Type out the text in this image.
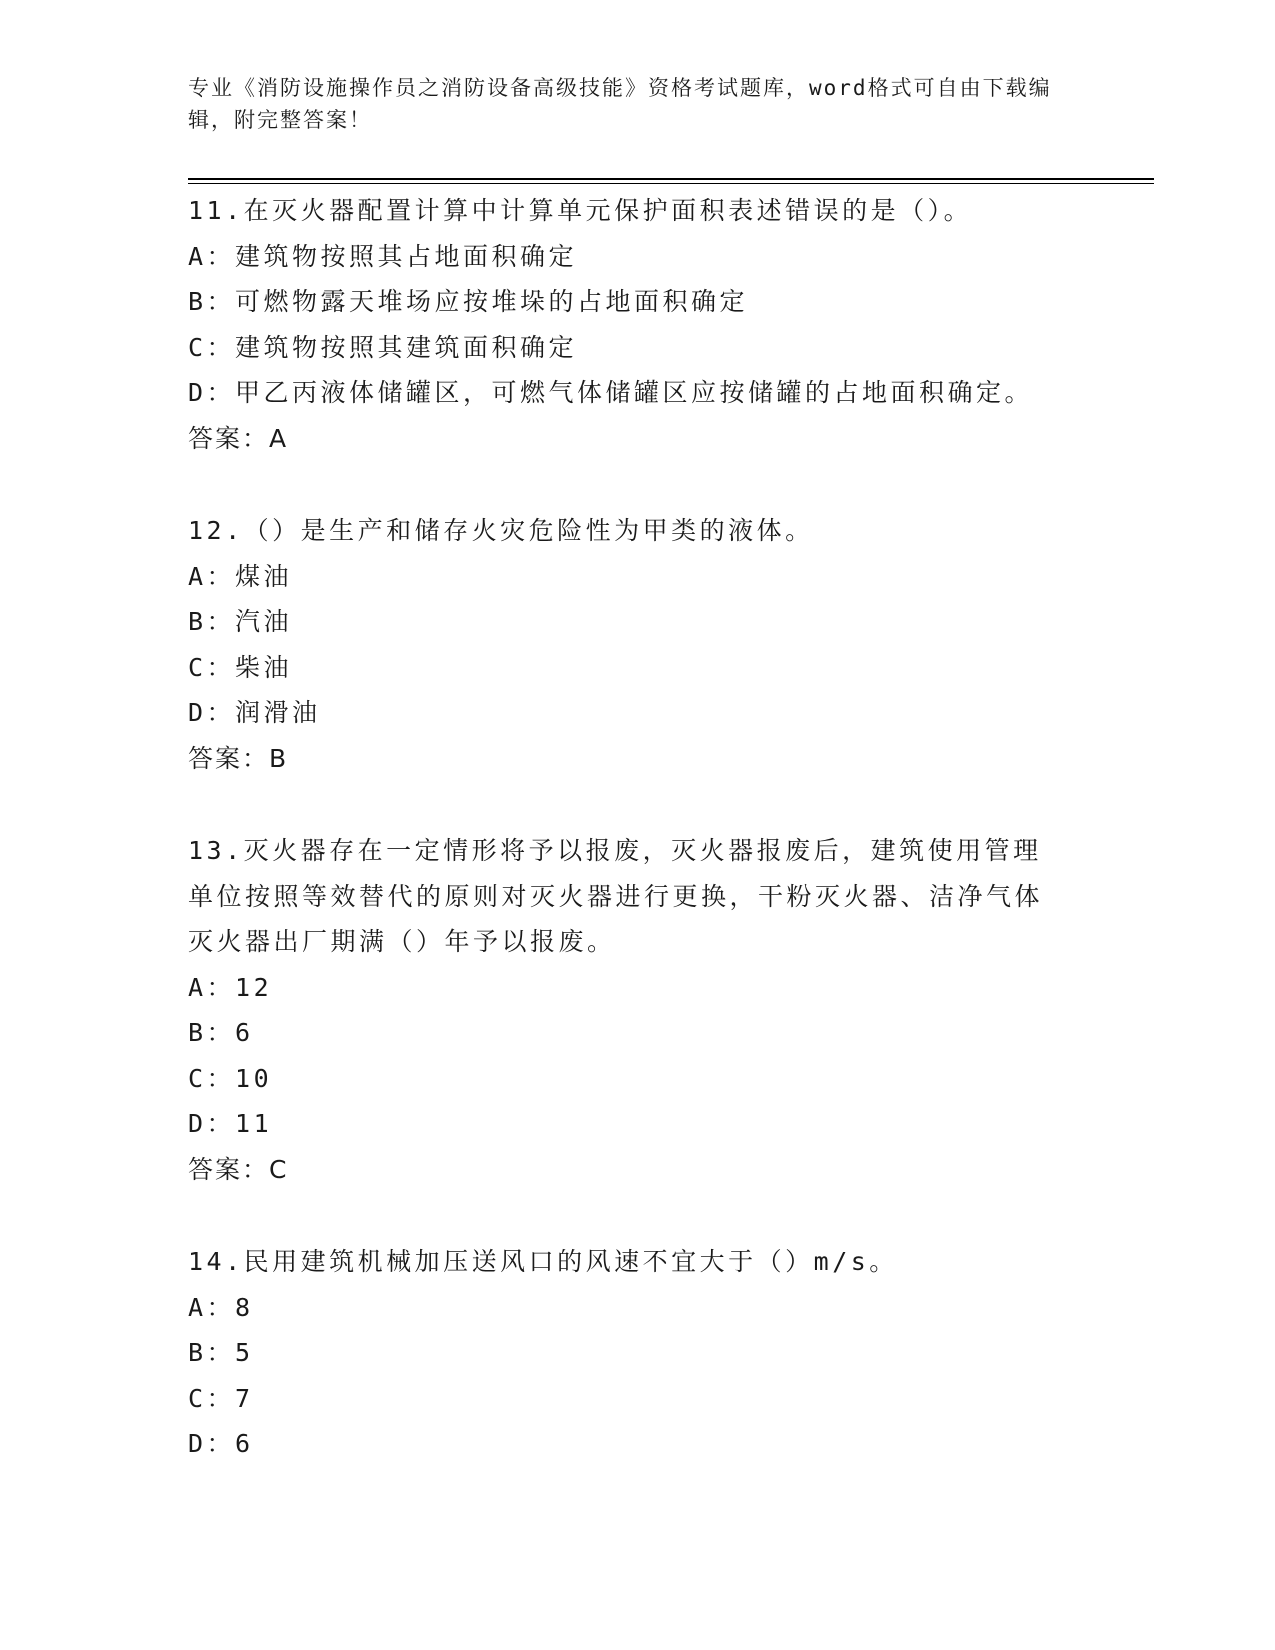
专业《消防设施操作员之消防设备高级技能》资格考试题库，word格式可自由下载编辑，附完整答案！
11.在灭火器配置计算中计算单元保护面积表述错误的是（）。
A：建筑物按照其占地面积确定
B：可燃物露天堆场应按堆垛的占地面积确定
C：建筑物按照其建筑面积确定
D：甲乙丙液体储罐区，可燃气体储罐区应按储罐的占地面积确定。
答案：A
12.（）是生产和储存火灾危险性为甲类的液体。
A：煤油
B：汽油
C：柴油
D：润滑油
答案：B
13.灭火器存在一定情形将予以报废，灭火器报废后，建筑使用管理单位按照等效替代的原则对灭火器进行更换，干粉灭火器、洁净气体灭火器出厂期满（）年予以报废。
A：12
B：6
C：10
D：11
答案：C
14.民用建筑机械加压送风口的风速不宜大于（）m/s。
A：8
B：5
C：7
D：6
